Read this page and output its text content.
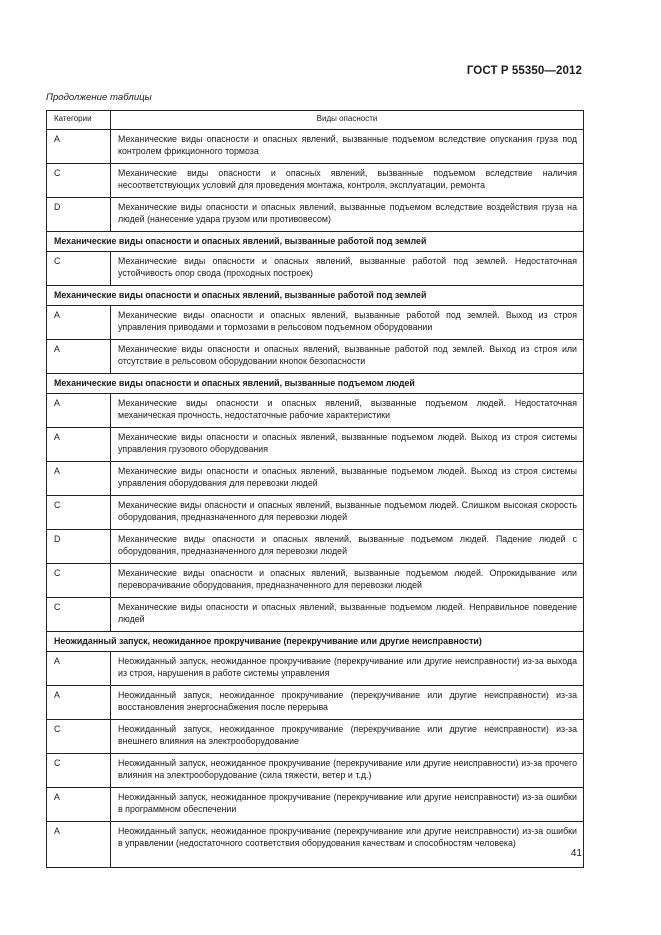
ГОСТ Р 55350—2012
Продолжение таблицы
Категории	Виды опасности
A	Механические виды опасности и опасных явлений, вызванные подъемом вследствие опускания груза под контролем фрикционного тормоза
C	Механические виды опасности и опасных явлений, вызванные подъемом вследствие наличия несоответствующих условий для проведения монтажа, контроля, эксплуатации, ремонта
D	Механические виды опасности и опасных явлений, вызванные подъемом вследствие воздействия груза на людей (нанесение удара грузом или противовесом)
Механические виды опасности и опасных явлений, вызванные работой под землей	
C	Механические виды опасности и опасных явлений, вызванные работой под землей. Недостаточная устойчивость опор свода (проходных построек)
Механические виды опасности и опасных явлений, вызванные работой под землей	
A	Механические виды опасности и опасных явлений, вызванные работой под землей. Выход из строя управления приводами и тормозами в рельсовом подъемном оборудовании
A	Механические виды опасности и опасных явлений, вызванные работой под землей. Выход из строя или отсутствие в рельсовом оборудовании кнопок безопасности
Механические виды опасности и опасных явлений, вызванные подъемом людей	
A	Механические виды опасности и опасных явлений, вызванные подъемом людей. Недостаточная механическая прочность, недостаточные рабочие характеристики
A	Механические виды опасности и опасных явлений, вызванные подъемом людей. Выход из строя системы управления грузового оборудования
A	Механические виды опасности и опасных явлений, вызванные подъемом людей. Выход из строя системы управления оборудования для перевозки людей
C	Механические виды опасности и опасных явлений, вызванные подъемом людей. Слишком высокая скорость оборудования, предназначенного для перевозки людей
D	Механические виды опасности и опасных явлений, вызванные подъемом людей. Падение людей с оборудования, предназначенного для перевозки людей
C	Механические виды опасности и опасных явлений, вызванные подъемом людей. Опрокидывание или переворачивание оборудования, предназначенного для перевозки людей
C	Механические виды опасности и опасных явлений, вызванные подъемом людей. Неправильное поведение людей
Неожиданный запуск, неожиданное прокручивание (перекручивание или другие неисправности)	
A	Неожиданный запуск, неожиданное прокручивание (перекручивание или другие неисправности) из-за выхода из строя, нарушения в работе системы управления
A	Неожиданный запуск, неожиданное прокручивание (перекручивание или другие неисправности) из-за восстановления энергоснабжения после перерыва
C	Неожиданный запуск, неожиданное прокручивание (перекручивание или другие неисправности) из-за внешнего влияния на электрооборудование
C	Неожиданный запуск, неожиданное прокручивание (перекручивание или другие неисправности) из-за прочего влияния на электрооборудование (сила тяжести, ветер и т.д.)
A	Неожиданный запуск, неожиданное прокручивание (перекручивание или другие неисправности) из-за ошибки в программном обеспечении
A	Неожиданный запуск, неожиданное прокручивание (перекручивание или другие неисправности) из-за ошибки в управлении (недостаточного соответствия оборудования качествам и способностям человека)
41
